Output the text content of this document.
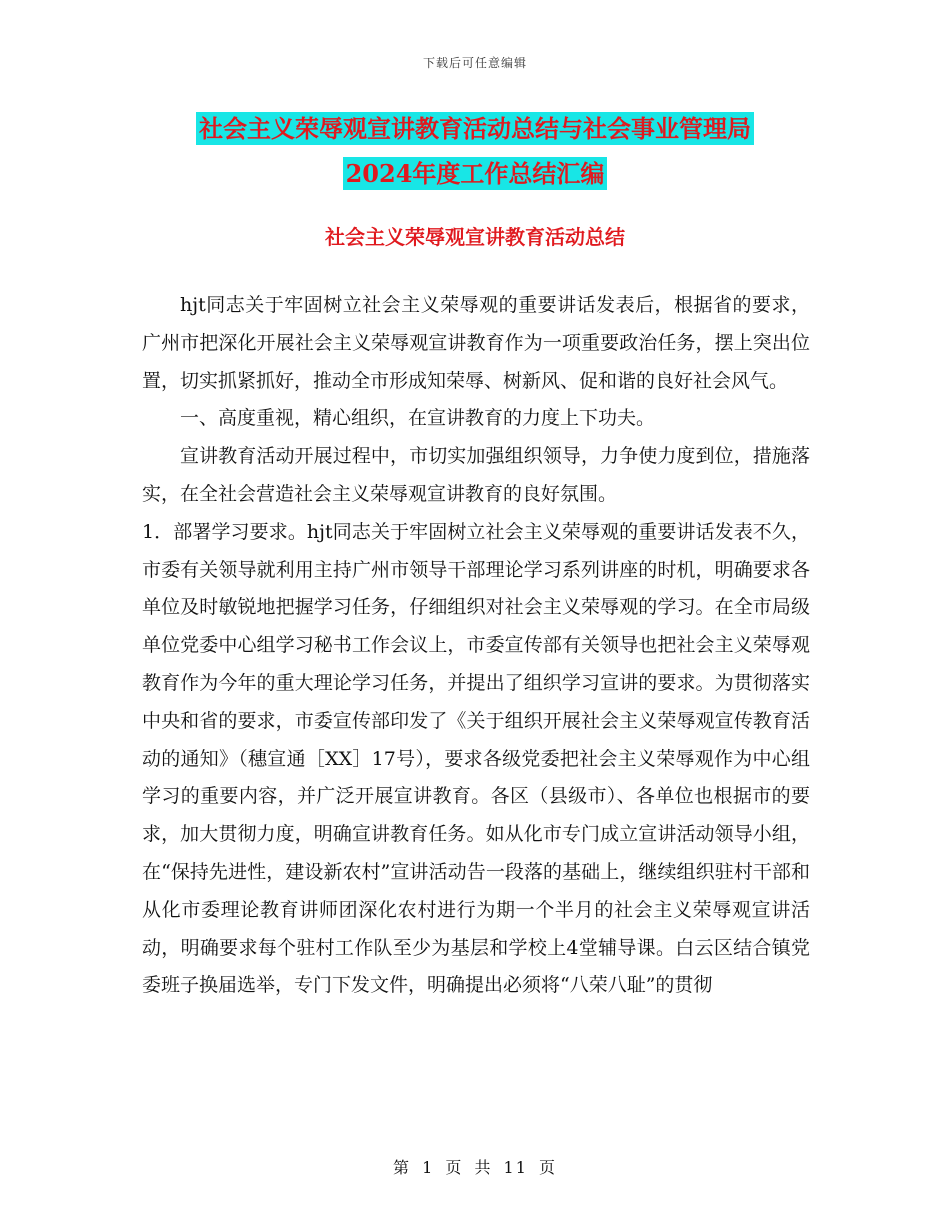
下载后可任意编辑
社会主义荣辱观宣讲教育活动总结与社会事业管理局
2024年度工作总结汇编
社会主义荣辱观宣讲教育活动总结

hjt同志关于牢固树立社会主义荣辱观的重要讲话发表后，根据省的要求，广州市把深化开展社会主义荣辱观宣讲教育作为一项重要政治任务，摆上突出位置，切实抓紧抓好，推动全市形成知荣辱、树新风、促和谐的良好社会风气。

一、高度重视，精心组织，在宣讲教育的力度上下功夫。

宣讲教育活动开展过程中，市切实加强组织领导，力争使力度到位，措施落实，在全社会营造社会主义荣辱观宣讲教育的良好氛围。

1．部署学习要求。hjt同志关于牢固树立社会主义荣辱观的重要讲话发表不久，市委有关领导就利用主持广州市领导干部理论学习系列讲座的时机，明确要求各单位及时敏锐地把握学习任务，仔细组织对社会主义荣辱观的学习。在全市局级单位党委中心组学习秘书工作会议上，市委宣传部有关领导也把社会主义荣辱观教育作为今年的重大理论学习任务，并提出了组织学习宣讲的要求。为贯彻落实中央和省的要求，市委宣传部印发了《关于组织开展社会主义荣辱观宣传教育活动的通知》（穗宣通［XX］17号），要求各级党委把社会主义荣辱观作为中心组学习的重要内容，并广泛开展宣讲教育。各区（县级市）、各单位也根据市的要求，加大贯彻力度，明确宣讲教育任务。如从化市专门成立宣讲活动领导小组，在“保持先进性，建设新农村”宣讲活动告一段落的基础上，继续组织驻村干部和从化市委理论教育讲师团深化农村进行为期一个半月的社会主义荣辱观宣讲活动，明确要求每个驻村工作队至少为基层和学校上4堂辅导课。白云区结合镇党委班子换届选举，专门下发文件，明确提出必须将“八荣八耻”的贯彻

第 1 页 共 11 页
